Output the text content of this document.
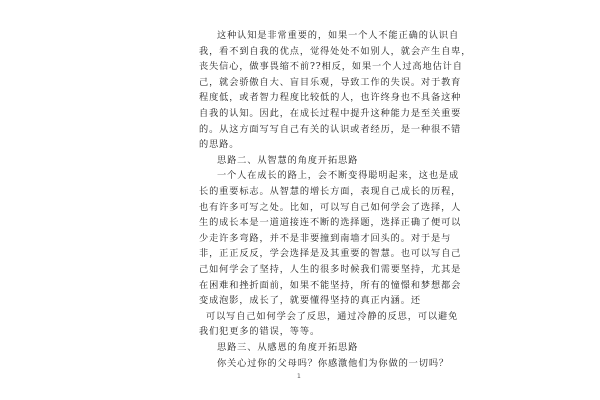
这种认知是非常重要的，如果一个人不能正确的认识自
我，看不到自我的优点，觉得处处不如别人，就会产生自卑，
丧失信心，做事畏缩不前??相反，如果一个人过高地估计自
己，就会骄傲自大、盲目乐观，导致工作的失误。对于教育
程度低，或者智力程度比较低的人，也许终身也不具备这种
自我的认知。因此，在成长过程中提升这种能力是至关重要
的。从这方面写写自己有关的认识或者经历，是一种很不错
的思路。
思路二、从智慧的角度开拓思路
一个人在成长的路上，会不断变得聪明起来，这也是成
长的重要标志。从智慧的增长方面，表现自己成长的历程，
也有许多可写之处。比如，可以写自己如何学会了选择，人
生的成长本是一道道接连不断的选择题，选择正确了便可以
少走许多弯路，并不是非要撞到南墙才回头的。对于是与
非，正正反反，学会选择是及其重要的智慧。也可以写自己
己如何学会了坚持，人生的很多时候我们需要坚持，尤其是
在困难和挫折面前，如果不能坚持，所有的憧憬和梦想都会
变成泡影，成长了，就要懂得坚持的真正内涵。还
可以写自己如何学会了反思，通过冷静的反思，可以避免
我们犯更多的错误，等等。
思路三、从感恩的角度开拓思路
你关心过你的父母吗？你感激他们为你做的一切吗？
1
